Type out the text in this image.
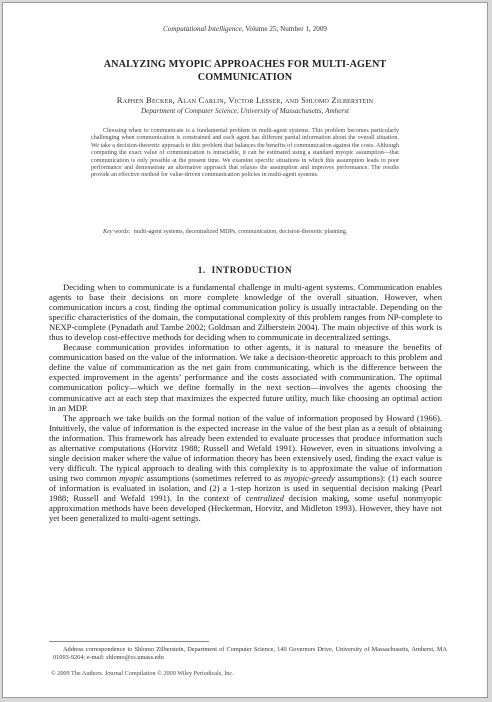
Computational Intelligence, Volume 25, Number 1, 2009
ANALYZING MYOPIC APPROACHES FOR MULTI-AGENT COMMUNICATION
Raphen Becker, Alan Carlin, Victor Lesser, and Shlomo Zilberstein
Department of Computer Science, University of Massachusetts, Amherst
Choosing when to communicate is a fundamental problem in multi-agent systems. This problem becomes particularly challenging when communication is constrained and each agent has different partial information about the overall situation. We take a decision-theoretic approach to this problem that balances the benefits of communication against the costs. Although computing the exact value of communication is intractable, it can be estimated using a standard myopic assumption—that communication is only possible at the present time. We examine specific situations in which this assumption leads to poor performance and demonstrate an alternative approach that relaxes the assumption and improves performance. The results provide an effective method for value-driven communication policies in multi-agent systems.
Key words: multi-agent systems, decentralized MDPs, communication, decision-theoretic planning.
1. INTRODUCTION

Deciding when to communicate is a fundamental challenge in multi-agent systems. Communication enables agents to base their decisions on more complete knowledge of the overall situation. However, when communication incurs a cost, finding the optimal communication policy is usually intractable. Depending on the specific characteristics of the domain, the computational complexity of this problem ranges from NP-complete to NEXP-complete (Pynadath and Tambe 2002; Goldman and Zilberstein 2004). The main objective of this work is thus to develop cost-effective methods for deciding when to communicate in decentralized settings.

Because communication provides information to other agents, it is natural to measure the benefits of communication based on the value of the information. We take a decision-theoretic approach to this problem and define the value of communication as the net gain from communicating, which is the difference between the expected improvement in the agents’ performance and the costs associated with communication. The optimal communication policy—which we define formally in the next section—involves the agents choosing the communicative act at each step that maximizes the expected future utility, much like choosing an optimal action in an MDP.

The approach we take builds on the formal notion of the value of information proposed by Howard (1966). Intuitively, the value of information is the expected increase in the value of the best plan as a result of obtaining the information. This framework has already been extended to evaluate processes that produce information such as alternative computations (Horvitz 1988; Russell and Wefald 1991). However, even in situations involving a single decision maker where the value of information theory has been extensively used, finding the exact value is very difficult. The typical approach to dealing with this complexity is to approximate the value of information using two common myopic assumptions (sometimes referred to as myopic-greedy assumptions): (1) each source of information is evaluated in isolation, and (2) a 1-step horizon is used in sequential decision making (Pearl 1988; Russell and Wefald 1991). In the context of centralized decision making, some useful nonmyopic approximation methods have been developed (Heckerman, Horvitz, and Midleton 1993). However, they have not yet been generalized to multi-agent settings.

Address correspondence to Shlomo Zilberstein, Department of Computer Science, 140 Governors Drive, University of Massachusetts, Amherst, MA 01003-9264; e-mail: shlomo@cs.umass.edu
© 2009 The Authors. Journal Compilation © 2009 Wiley Periodicals, Inc.
